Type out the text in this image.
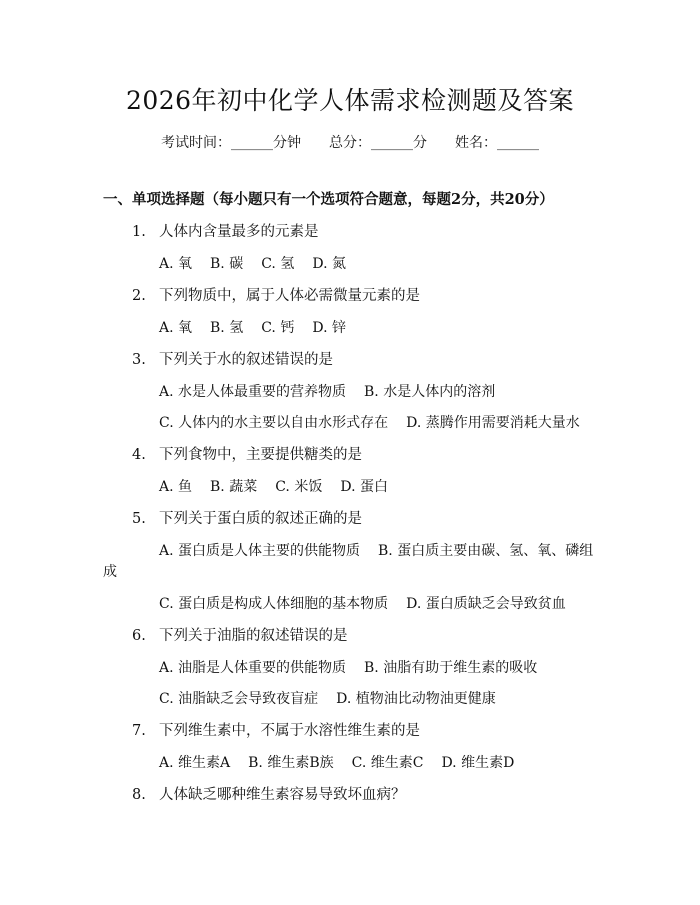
2026年初中化学人体需求检测题及答案
考试时间：______分钟 总分：______分 姓名：______
一、单项选择题（每小题只有一个选项符合题意，每题2分，共20分）
1. 人体内含量最多的元素是
A. 氧 B. 碳 C. 氢 D. 氮
2. 下列物质中，属于人体必需微量元素的是
A. 氧 B. 氢 C. 钙 D. 锌
3. 下列关于水的叙述错误的是
A. 水是人体最重要的营养物质 B. 水是人体内的溶剂
C. 人体内的水主要以自由水形式存在 D. 蒸腾作用需要消耗大量水
4. 下列食物中，主要提供糖类的是
A. 鱼 B. 蔬菜 C. 米饭 D. 蛋白
5. 下列关于蛋白质的叙述正确的是
A. 蛋白质是人体主要的供能物质 B. 蛋白质主要由碳、氢、氧、磷组
成
C. 蛋白质是构成人体细胞的基本物质 D. 蛋白质缺乏会导致贫血
6. 下列关于油脂的叙述错误的是
A. 油脂是人体重要的供能物质 B. 油脂有助于维生素的吸收
C. 油脂缺乏会导致夜盲症 D. 植物油比动物油更健康
7. 下列维生素中，不属于水溶性维生素的是
A. 维生素A B. 维生素B族 C. 维生素C D. 维生素D
8. 人体缺乏哪种维生素容易导致坏血病？
